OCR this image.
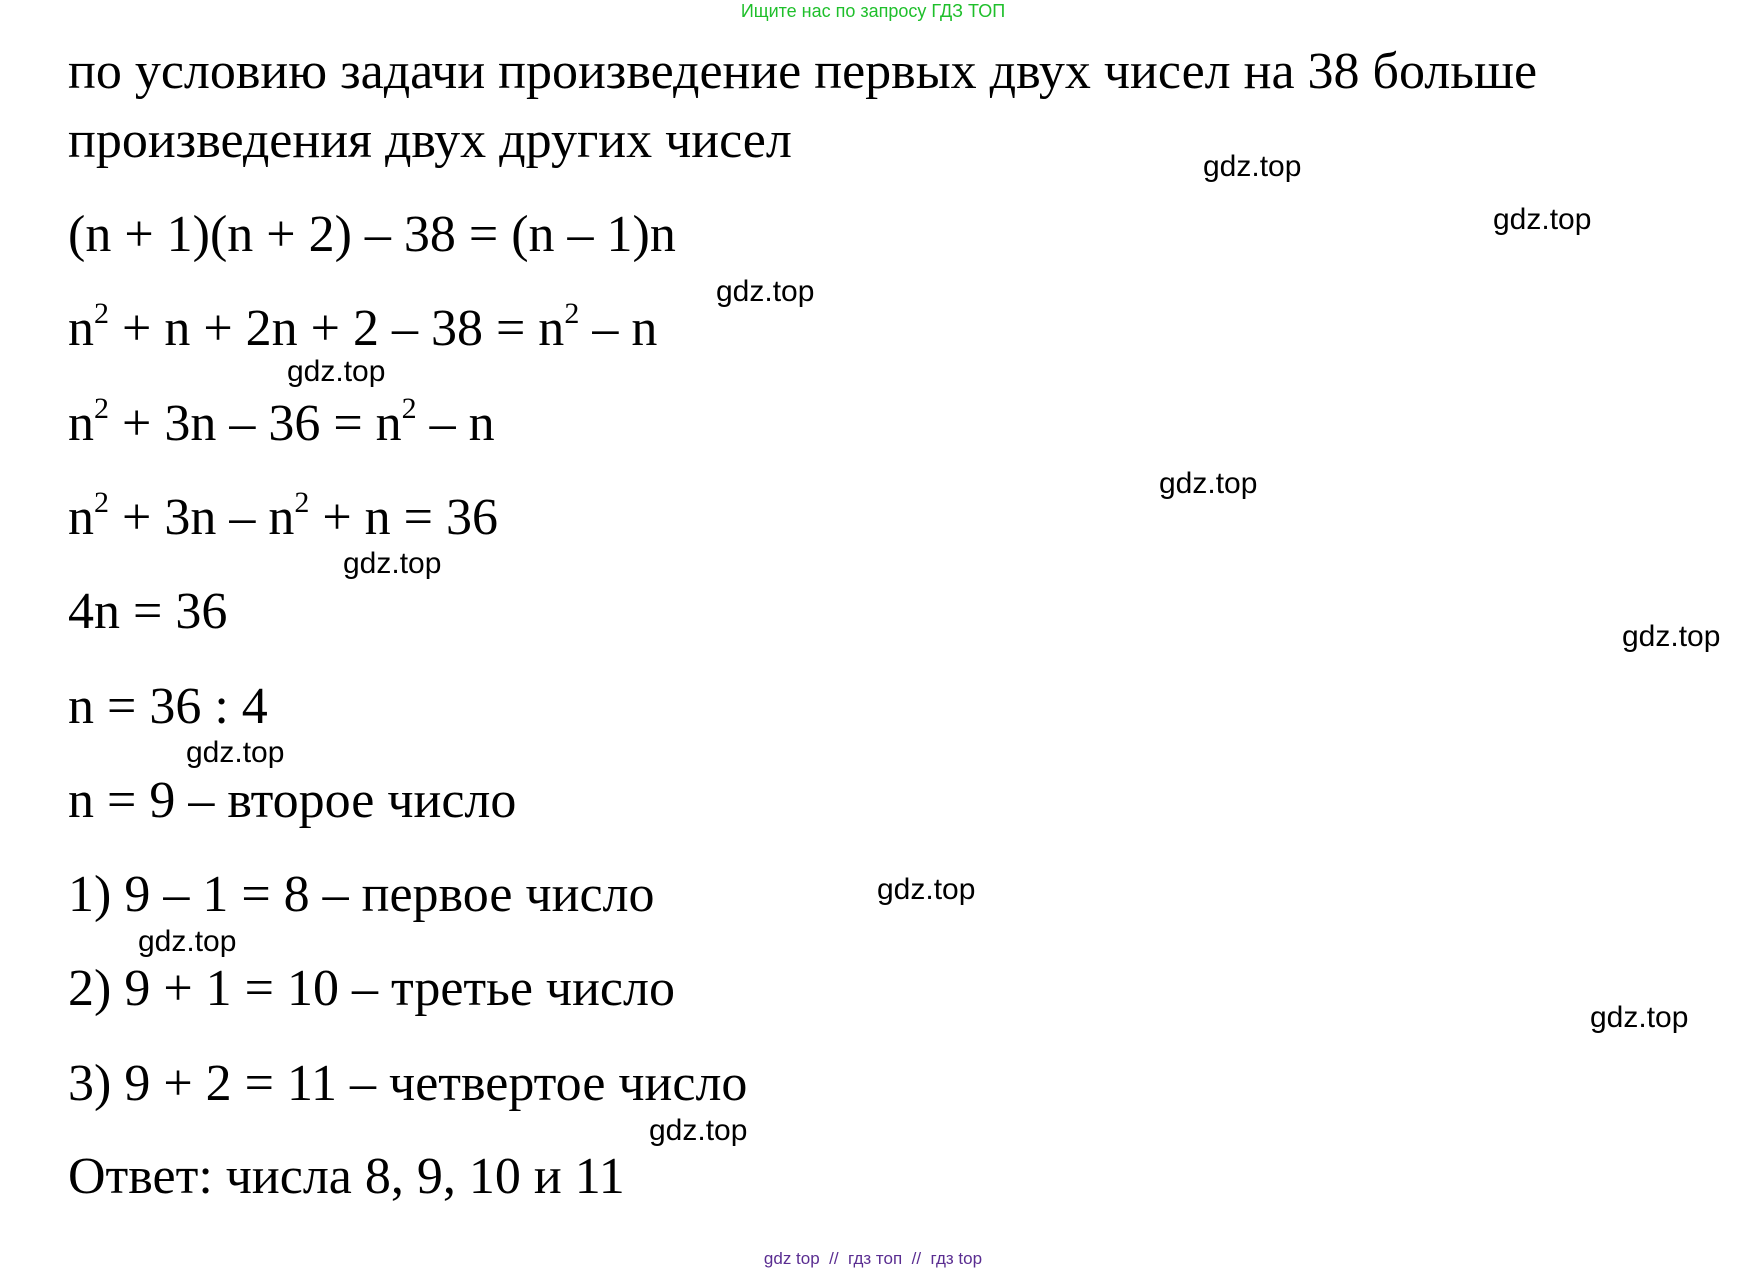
Ищите нас по запросу ГДЗ ТОП
по условию задачи произведение первых двух чисел на 38 больше
произведения двух других чисел
(n + 1)(n + 2) – 38 = (n – 1)n
$n^2 + n + 2n + 2 - 38 = n^2 - n$
$n^2 + 3n - 36 = n^2 - n$
$n^2 + 3n - n^2 + n = 36$
4n = 36
n = 36 : 4
n = 9 – второе число
1) 9 – 1 = 8 – первое число
2) 9 + 1 = 10 – третье число
3) 9 + 2 = 11 – четвертое число
Ответ: числа 8, 9, 10 и 11
gdz.top
gdz.top
gdz.top
gdz.top
gdz.top
gdz.top
gdz.top
gdz.top
gdz.top
gdz.top
gdz.top
gdz.top
gdz top // гдз топ // гдз top
